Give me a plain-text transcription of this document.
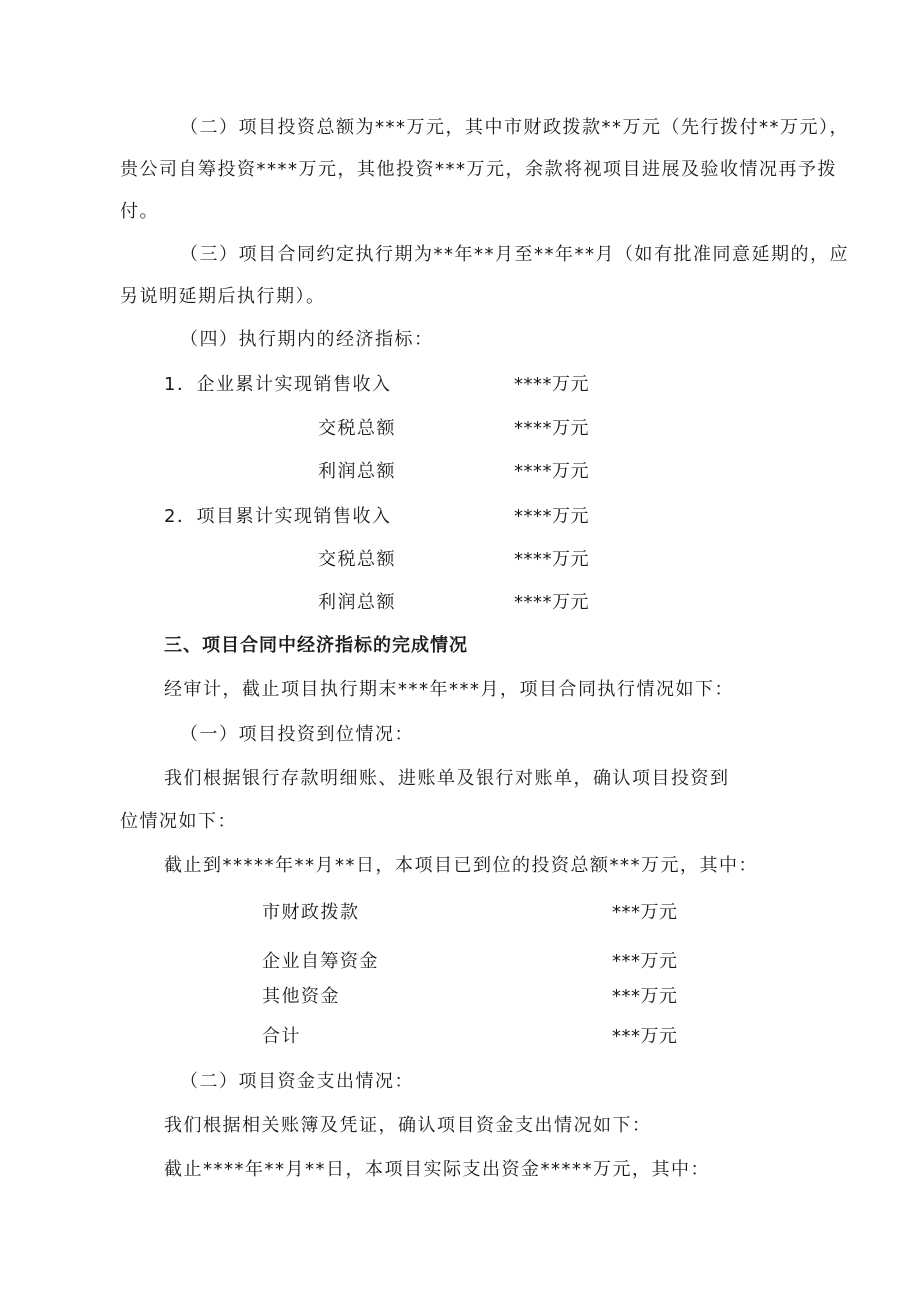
（二）项目投资总额为***万元，其中市财政拨款**万元（先行拨付**万元），
贵公司自筹投资****万元，其他投资***万元，余款将视项目进展及验收情况再予拨
付。
（三）项目合同约定执行期为**年**月至**年**月（如有批准同意延期的，应
另说明延期后执行期）。
（四）执行期内的经济指标：
1．企业累计实现销售收入	****万元
交税总额	****万元
利润总额	****万元
2．项目累计实现销售收入	****万元
交税总额	****万元
利润总额	****万元
三、项目合同中经济指标的完成情况
经审计，截止项目执行期末***年***月，项目合同执行情况如下：
（一）项目投资到位情况：
我们根据银行存款明细账、进账单及银行对账单，确认项目投资到
位情况如下：
截止到*****年**月**日，本项目已到位的投资总额***万元，其中：
市财政拨款	***万元
企业自筹资金	***万元
其他资金	***万元
合计	***万元
（二）项目资金支出情况：
我们根据相关账簿及凭证，确认项目资金支出情况如下：
截止****年**月**日，本项目实际支出资金*****万元，其中：
